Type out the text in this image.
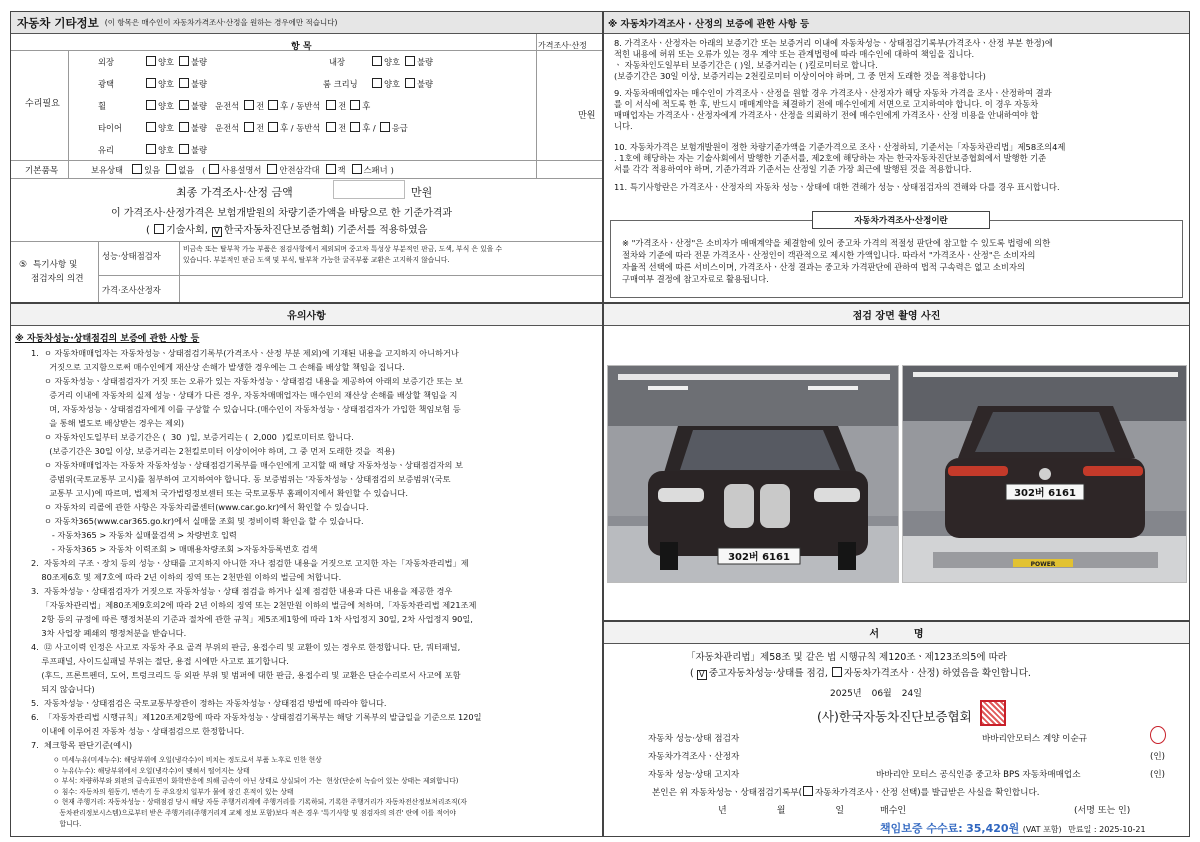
자동차 기타정보 (이 항목은 매수인이 자동차가격조사·산정을 원하는 경우에만 적습니다)
항 목	가격조사·산정
수리필요
만원
외장	양호 불량	내장	양호 불량
광택	양호 불량	룸 크리닝	양호 불량
휠	양호 불량 운전석 전 후 / 동반석 전 후
타이어	양호 불량 운전석 전 후 / 동반석 전 후 / 응급
유리	양호 불량
기본품목	보유상태	있음 없음 ( 사용설명서 안전삼각대 잭 스패너 )
최종 가격조사·산정 금액	만원
이 가격조사·산정가격은 보험개발원의 차량기준가액을 바탕으로 한 기준가격과
( 기술사회, V 한국자동차진단보증협회) 기준서를 적용하였음
⑤ 특기사항 및
점검자의 의견
성능·상태점검자
비금속 또는 탈부착 가능 부품은 점검사항에서 제외되며 중고차 특성상 부분적인 판금, 도색, 부식 은 있을 수
있습니다. 부분적인 판금 도색 및 부식, 탈부착 가능한 굴곡부품 교환은 고지하지 않습니다.
가격·조사산정자
※ 자동차가격조사 · 산정의 보증에 관한 사항 등
8. 가격조사ㆍ산정자는 아래의 보증기간 또는 보증거리 이내에 자동차성능ㆍ상태점검기록부(가격조사ㆍ산정 부분 한정)에
적힌 내용에 허위 또는 오류가 있는 경우 계약 또는 관계법령에 따라 매수인에 대하여 책임을 집니다.
ㆍ 자동차인도일부터 보증기간은 ( )일, 보증거리는 ( )킬로미터로 합니다.
(보증기간은 30일 이상, 보증거리는 2천킬로미터 이상이어야 하며, 그 중 먼저 도래한 것을 적용합니다)
9. 자동차매매업자는 매수인이 가격조사ㆍ산정을 원할 경우 가격조사ㆍ산정자가 해당 자동차 가격을 조사ㆍ산정하여 결과
를 이 서식에 적도록 한 후, 반드시 매매계약을 체결하기 전에 매수인에게 서면으로 고지하여야 합니다. 이 경우 자동차
매매업자는 가격조사ㆍ산정자에게 가격조사ㆍ산정을 의뢰하기 전에 매수인에게 가격조사ㆍ산정 비용을 안내하여야 합
니다.
10. 자동차가격은 보험개발원이 정한 차량기준가액을 기준가격으로 조사ㆍ산정하되, 기준서는「자동차관리법」제58조의4제
. 1호에 해당하는 자는 기술사회에서 발행한 기준서를, 제2호에 해당하는 자는 한국자동차진단보증협회에서 발행한 기준
서를 각각 적용하여야 하며, 기준가격과 기준서는 산정일 기준 가장 최근에 발행된 것을 적용합니다.
11. 특기사항란은 가격조사ㆍ산정자의 자동차 성능ㆍ상태에 대한 견해가 성능ㆍ상태점검자의 견해와 다를 경우 표시합니다.
자동차가격조사·산정이란
※ "가격조사ㆍ산정"은 소비자가 매매계약을 체결함에 있어 중고차 가격의 적절성 판단에 참고할 수 있도록 법령에 의한
절차와 기준에 따라 전문 가격조사ㆍ산정인이 객관적으로 제시한 가액입니다. 따라서 "가격조사ㆍ산정"은 소비자의
자율적 선택에 따른 서비스이며, 가격조사ㆍ산정 결과는 중고차 가격판단에 관하여 법적 구속력은 없고 소비자의
구매여부 결정에 참고자료로 활용됩니다.
유의사항
※ 자동차성능·상태점검의 보증에 관한 사항 등
1.  ㅇ 자동차매매업자는 자동차성능ㆍ상태점검기록부(가격조사ㆍ산정 부분 제외)에 기재된 내용을 고지하지 아니하거나
거짓으로 고지함으로써 매수인에게 재산상 손해가 발생한 경우에는 그 손해를 배상할 책임을 집니다.
ㅇ 자동차성능ㆍ상태점검자가 거짓 또는 오류가 있는 자동차성능ㆍ상태점검 내용을 제공하여 아래의 보증기간 또는 보
증거리 이내에 자동차의 실제 성능ㆍ상태가 다른 경우, 자동차매매업자는 매수인의 재산상 손해를 배상할 책임을 지
며, 자동차성능ㆍ상태점검자에게 이를 구상할 수 있습니다.(매수인이 자동차성능ㆍ상태점검자가 가입한 책임보험 등
을 통해 별도로 배상받는 경우는 제외)
ㅇ 자동차인도일부터 보증기간은 (  30  )일, 보증거리는 (  2,000  )킬로미터로 합니다.
(보증기간은 30일 이상, 보증거리는 2천킬로미터 이상이어야 하며, 그 중 먼저 도래한 것을  적용)
ㅇ 자동차매매업자는 자동차 자동차성능ㆍ상태점검기록부를 매수인에게 고지할 때 해당 자동차성능ㆍ상태점검자의 보
증범위(국토교통부 고시)를 첨부하여 고지하여야 합니다. 동 보증범위는 '자동차성능ㆍ상태점검의 보증범위'(국토
교통부 고시)에 따르며, 법제처 국가법령정보센터 또는 국토교통부 홈페이지에서 확인할 수 있습니다.
ㅇ 자동차의 리콜에 관한 사항은 자동차리콜센터(www.car.go.kr)에서 확인할 수 있습니다.
ㅇ 자동차365(www.car365.go.kr)에서 실매물 조회 및 정비이력 확인을 할 수 있습니다.
- 자동차365 > 자동차 실매물검색 > 차량번호 입력
- 자동차365 > 자동차 이력조회 > 매매용차량조회 >자동차등록번호 검색
2.  자동차의 구조ㆍ장치 등의 성능ㆍ상태를 고지하지 아니한 자나 점검한 내용을 거짓으로 고지한 자는「자동차관리법」제
80조제6호 및 제7호에 따라 2년 이하의 징역 또는 2천만원 이하의 벌금에 처합니다.
3.  자동차성능ㆍ상태점검자가 거짓으로 자동차성능ㆍ상태 점검을 하거나 실제 점검한 내용과 다른 내용을 제공한 경우
「자동차관리법」제80조제9호의2에 따라 2년 이하의 징역 또는 2천만원 이하의 벌금에 처하며,「자동차관리법 제21조제
2항 등의 규정에 따른 행정처분의 기준과 절차에 관한 규칙」제5조제1항에 따라 1차 사업정지 30일, 2차 사업정지 90일,
3차 사업장 폐쇄의 행정처분을 받습니다.
4.  ⑫ 사고이력 인정은 사고로 자동차 주요 골격 부위의 판금, 용접수리 및 교환이 있는 경우로 한정합니다. 단, 쿼터패널,
루프패널, 사이드실패널 부위는 절단, 용접 시에만 사고로 표기합니다.
(후드, 프론트펜더, 도어, 트렁크리드 등 외판 부위 및 범퍼에 대한 판금, 용접수리 및 교환은 단순수리로서 사고에 포함
되지 않습니다)
5.  자동차성능ㆍ상태점검은 국토교통부장관이 정하는 자동차성능ㆍ상태점검 방법에 따라야 합니다.
6.  「자동차관리법 시행규칙」제120조제2항에 따라 자동차성능ㆍ상태점검기록부는 해당 기록부의 발급일을 기준으로 120일
이내에 이루어진 자동차 성능ㆍ상태점검으로 한정합니다.
7.  체크항목 판단기준(예시)
ㅇ 미세누유(미세누수): 해당부위에 오일(냉각수)이 비치는 정도로서 부품 노후로 인한 현상
ㅇ 누유(누수): 해당부위에서 오일(냉각수)이 맺혀서 떨어지는 상태
ㅇ 부식: 차량하부와 외판의 금속표면이 화학반응에 의해 금속이 아닌 상태로 상실되어 가는  현상(단순히 녹슬어 있는 상태는 제외합니다)
ㅇ 침수: 자동차의 원동기, 변속기 등 주요장치 일부가 물에 잠긴 흔적이 있는 상태
ㅇ 현재 주행거리: 자동차성능ㆍ상태점검 당시 해당 자동 주행거리계에 주행거리를 기록하되, 기록한 주행거리가 자동차전산정보처리조직(자
동차관리정보시스템)으로부터 받은 주행거리(주행거리계 교체 정보 포함)보다 적은 경우 '특기사항 및 점검자의 의견' 란에 이를 적어야
합니다.
점검 장면 촬영 사진
302버 6161
302버 6161
POWER
서          명
「자동차관리법」제58조 및 같은 법 시행규칙 제120조ㆍ제123조의5에 따라
( V 중고자동차성능·상태를 점검, 자동차가격조사 · 산정) 하였음을 확인합니다.
2025년 06월 24일
(사)한국자동차진단보증협회
자동차 성능·상태 점검자	바바리안모터스 계양 이순규
자동차가격조사ㆍ산정자	(인)
자동차 성능·상태 고지자	바바리안 모터스 공식인증 중고차 BPS 자동차매매업소	(인)
본인은 위 자동차성능ㆍ상태점검기록부( 자동차가격조사ㆍ산정 선택)를 발급받은 사실을 확인합니다.
년	월	일	매수인	(서명 또는 인)
책임보증 수수료: 35,420원 (VAT 포함) 만료일 : 2025-10-21
